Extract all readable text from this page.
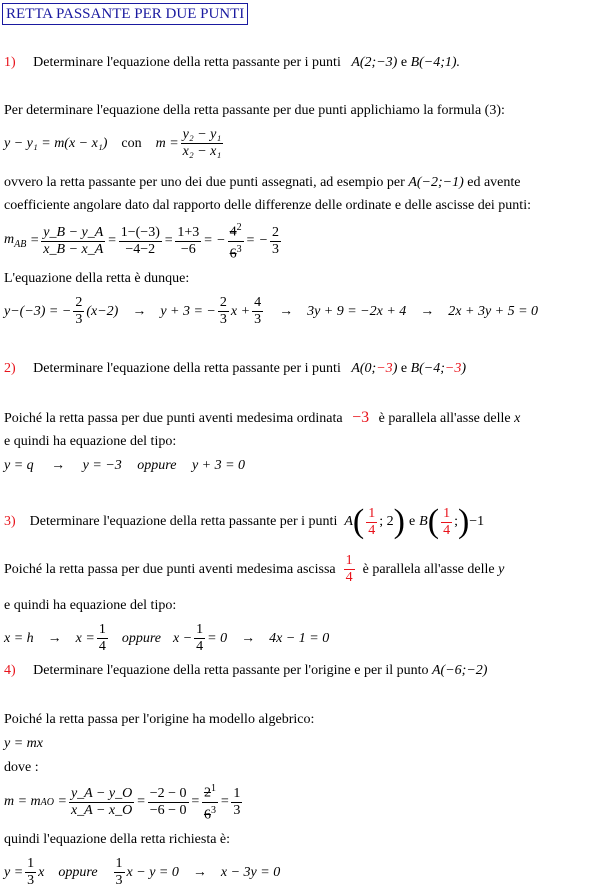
RETTA PASSANTE PER DUE PUNTI
1) Determinare l'equazione della retta passante per i punti A(2;−3) e B(−4;1).
Per determinare l'equazione della retta passante per due punti applichiamo la formula (3):
y − y₁ = m(x − x₁) con $m = \frac{\text{y₂ − y₁}}{\text{x₂ − x₁}}$
ovvero la retta passante per uno dei due punti assegnati, ad esempio per A(−2;−1) ed avente
coefficiente angolare dato dal rapporto delle differenze delle ordinate e delle ascisse dei punti:
$m_{AB} = \frac{y\_B - y\_A}{x\_B - x\_A} = \frac{1-(-3)}{-4-2} = \frac{1+3}{-6}$ = − $\frac{4^2}{6^3}$ = − $\frac{2}{3}$
L'equazione della retta è dunque:
y−(−3) = − $\frac{2}{3} (x-2) \to y + 3$ = − $\frac{2}{3}$ $x + \frac{4}{3} \to 3y + 9 = -2x + 4 \to 2x + 3y + 5 = 0$
2) Determinare l'equazione della retta passante per i punti A(0;−3) e B(−4;−3)
Poiché la retta passa per due punti aventi medesima ordinata −3 è parallela all'asse delle x
e quindi ha equazione del tipo:
y = q → y = −3 oppure y + 3 = 0
3) Determinare l'equazione della retta passante per i punti
A ( $\frac{1}{4}$ ; 2 ) e B ( $\frac{1}{4}$ ; ) −1
Poiché la retta passa per due punti aventi medesima ascissa $\frac{1}{4}$ è parallela all'asse delle
y
e quindi ha equazione del tipo:
$x = h \to x = \frac{1}{4}$ oppure $x - \frac{1}{4} = 0 \to 4x - 1 = 0$
4) Determinare l'equazione della retta passante per l'origine e per il punto A(−6;−2)
Poiché la retta passa per l'origine ha modello algebrico:
y = mx
dove :
m = m AO = $\frac{y\_A - y\_O}{x\_A - x\_O} = \frac{-2 - 0}{-6 - 0} = \frac{2^1}{6^3} = \frac{1}{3}$
quindi l'equazione della retta richiesta è:
$y = \frac{1}{3}$ x oppure $\frac{1}{3}$ x − y = 0 → x − 3y = 0
